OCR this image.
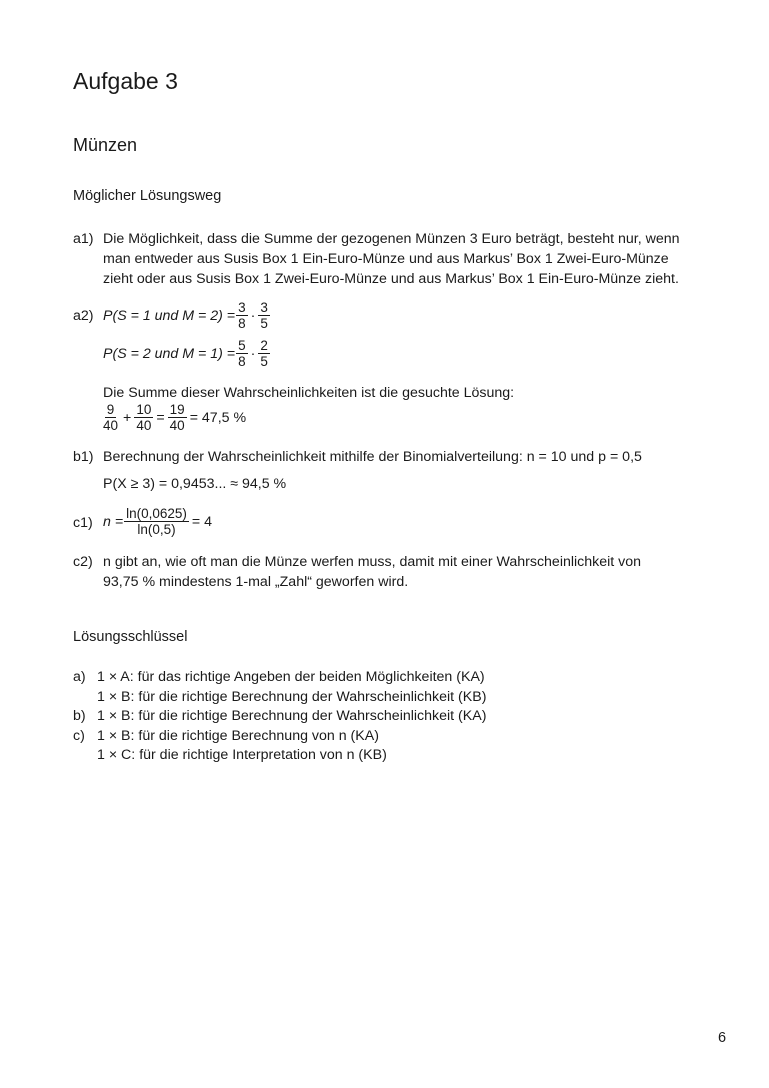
Aufgabe 3
Münzen
Möglicher Lösungsweg
a1) Die Möglichkeit, dass die Summe der gezogenen Münzen 3 Euro beträgt, besteht nur, wenn
man entweder aus Susis Box 1 Ein-Euro-Münze und aus Markus’ Box 1 Zwei-Euro-Münze
zieht oder aus Susis Box 1 Zwei-Euro-Münze und aus Markus’ Box 1 Ein-Euro-Münze zieht.
a2) P(S = 1 und $M = 2) = \frac{3}{8} \cdot \frac{3}{5}$
P(S = 2 und $M = 1) = \frac{5}{8} \cdot \frac{2}{5}$
Die Summe dieser Wahrscheinlichkeiten ist die gesuchte Lösung:
$\frac{9}{40} + \frac{10}{40} = \frac{19}{40} = 47,5$ %
b1) Berechnung der Wahrscheinlichkeit mithilfe der Binomialverteilung: n = 10 und p = 0,5
P(X ≥ 3) = 0,9453... ≈ 94,5 %
c1) $n = \frac{\ln(0,0625)}{\ln(0,5)} = 4$
c2) n gibt an, wie oft man die Münze werfen muss, damit mit einer Wahrscheinlichkeit von
93,75 % mindestens 1-mal „Zahl“ geworfen wird.
Lösungsschlüssel
a) 1 × A: für das richtige Angeben der beiden Möglichkeiten (KA)
1 × B: für die richtige Berechnung der Wahrscheinlichkeit (KB)
b) 1 × B: für die richtige Berechnung der Wahrscheinlichkeit (KA)
c) 1 × B: für die richtige Berechnung von n (KA)
1 × C: für die richtige Interpretation von n (KB)
6
